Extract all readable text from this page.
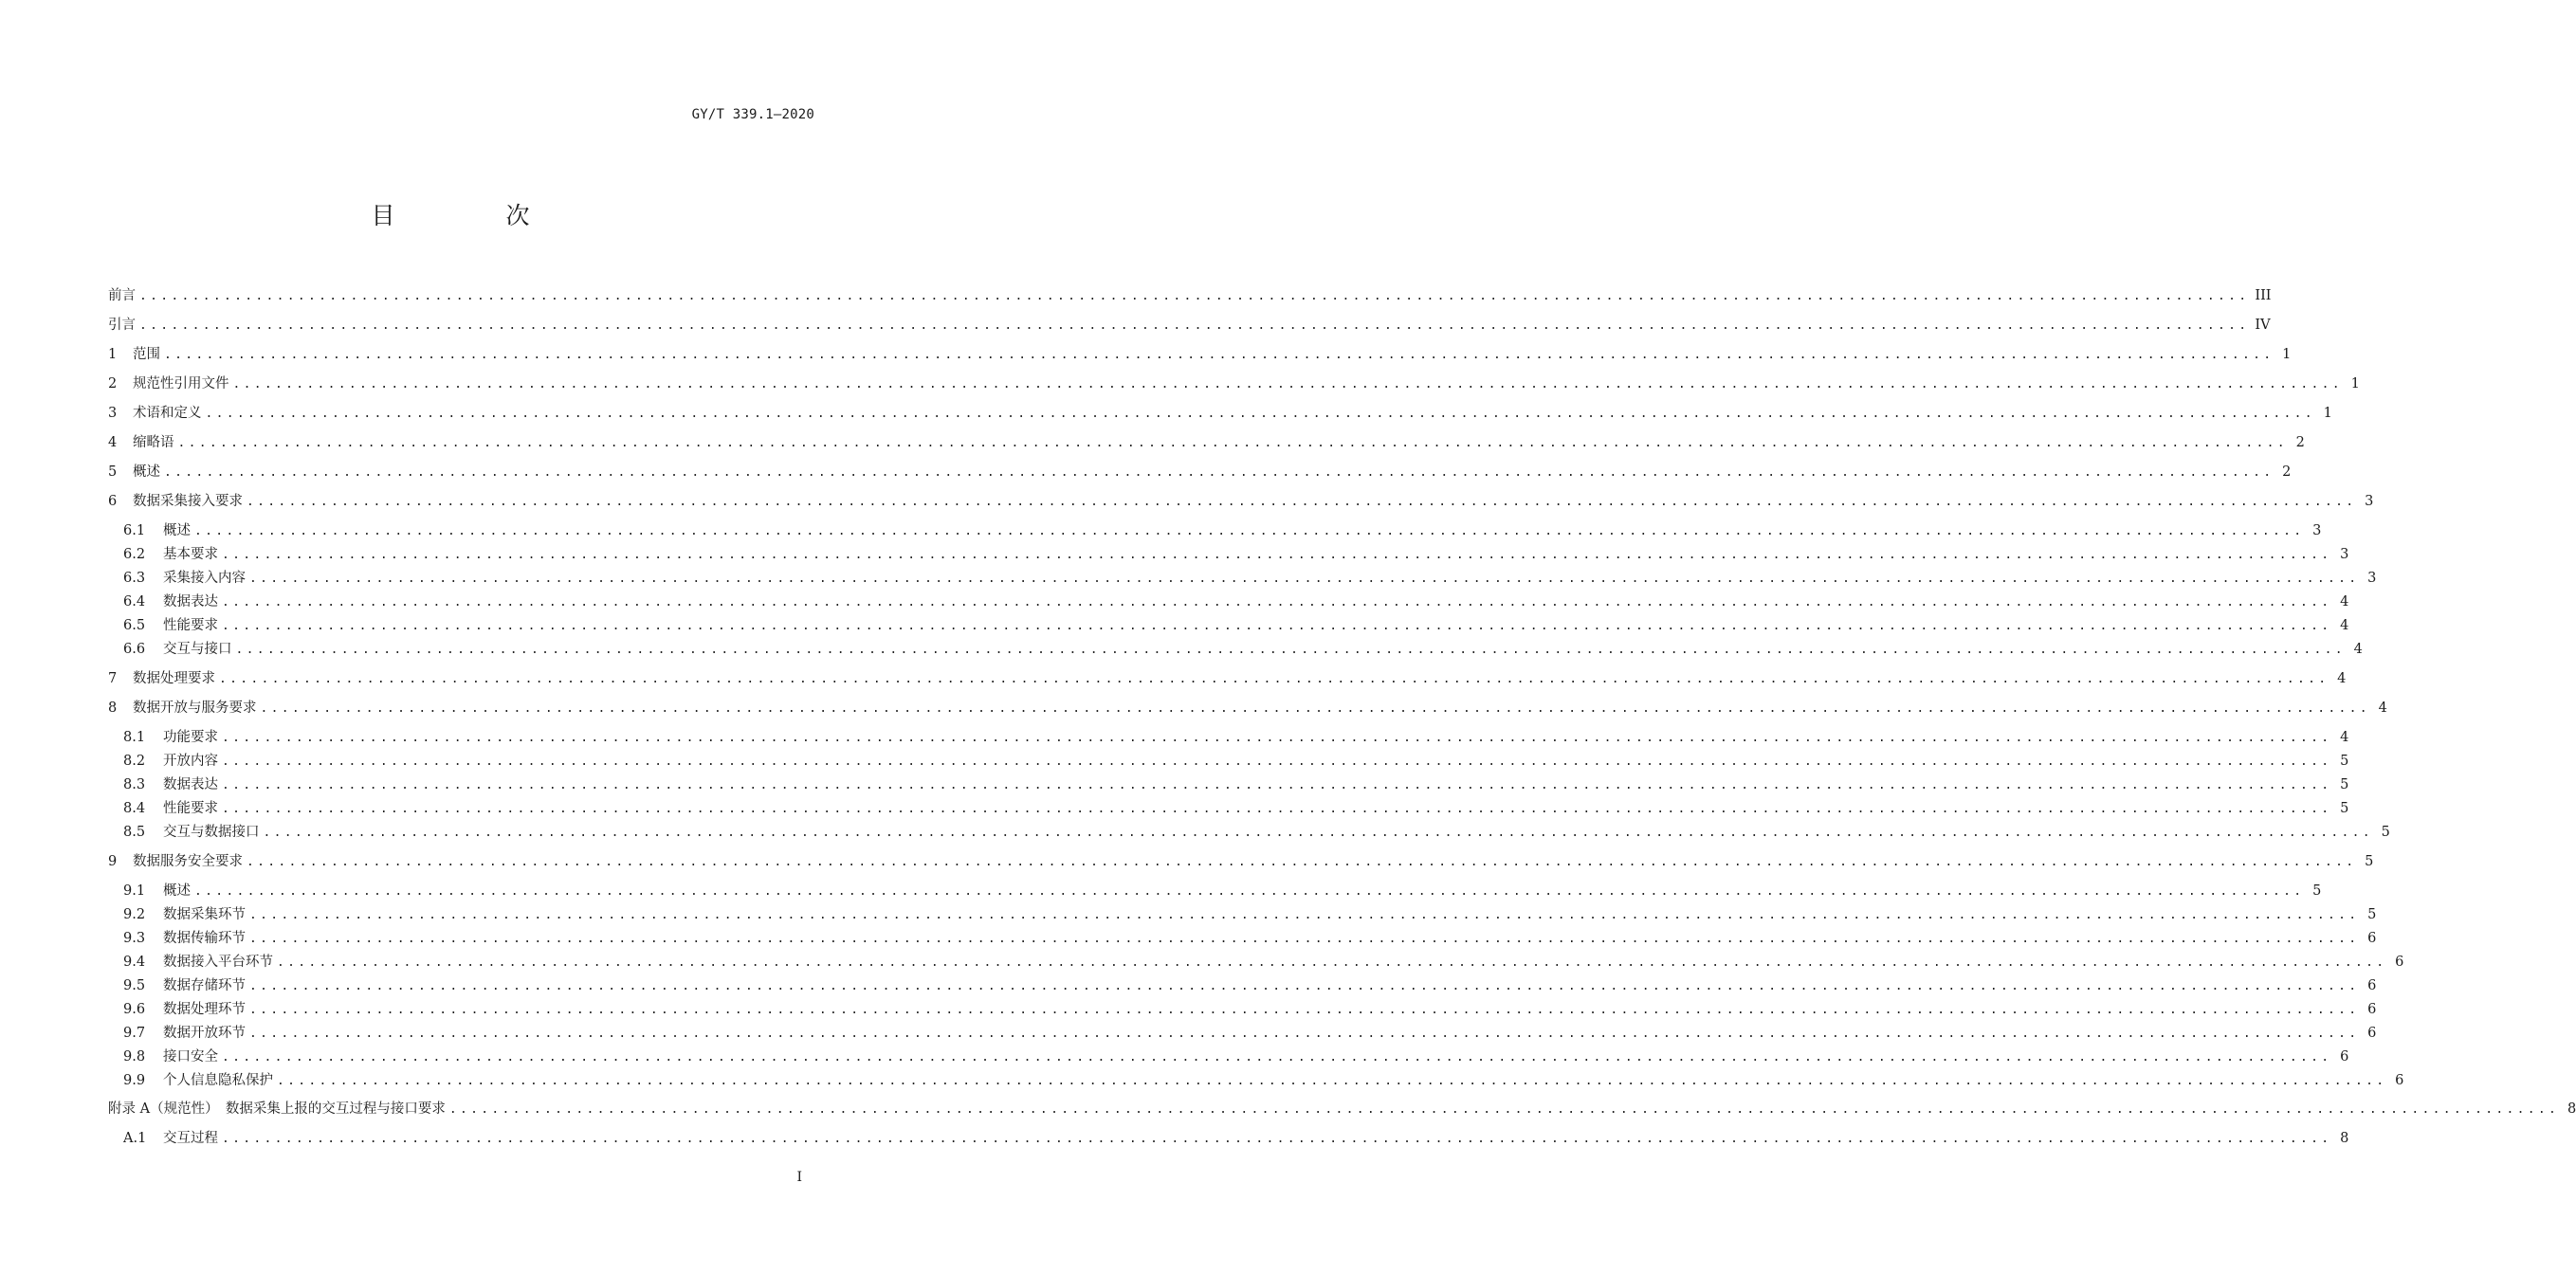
GY/T 339.1—2020
目　次
前言 ........................................................................................................................................................................................................ III
引言 ........................................................................................................................................................................................................ IV
1	范围 ........................................................................................................................................................................................................ 1
2	规范性引用文件 ........................................................................................................................................................................................................ 1
3	术语和定义 ........................................................................................................................................................................................................ 1
4	缩略语 ........................................................................................................................................................................................................ 2
5	概述 ........................................................................................................................................................................................................ 2
6	数据采集接入要求 ........................................................................................................................................................................................................ 3
6.1	概述 ........................................................................................................................................................................................................ 3
6.2	基本要求 ........................................................................................................................................................................................................ 3
6.3	采集接入内容 ........................................................................................................................................................................................................ 3
6.4	数据表达 ........................................................................................................................................................................................................ 4
6.5	性能要求 ........................................................................................................................................................................................................ 4
6.6	交互与接口 ........................................................................................................................................................................................................ 4
7	数据处理要求 ........................................................................................................................................................................................................ 4
8	数据开放与服务要求 ........................................................................................................................................................................................................ 4
8.1	功能要求 ........................................................................................................................................................................................................ 4
8.2	开放内容 ........................................................................................................................................................................................................ 5
8.3	数据表达 ........................................................................................................................................................................................................ 5
8.4	性能要求 ........................................................................................................................................................................................................ 5
8.5	交互与数据接口 ........................................................................................................................................................................................................ 5
9	数据服务安全要求 ........................................................................................................................................................................................................ 5
9.1	概述 ........................................................................................................................................................................................................ 5
9.2	数据采集环节 ........................................................................................................................................................................................................ 5
9.3	数据传输环节 ........................................................................................................................................................................................................ 6
9.4	数据接入平台环节 ........................................................................................................................................................................................................ 6
9.5	数据存储环节 ........................................................................................................................................................................................................ 6
9.6	数据处理环节 ........................................................................................................................................................................................................ 6
9.7	数据开放环节 ........................................................................................................................................................................................................ 6
9.8	接口安全 ........................................................................................................................................................................................................ 6
9.9	个人信息隐私保护 ........................................................................................................................................................................................................ 6
附录 A（规范性）　数据采集上报的交互过程与接口要求 ........................................................................................................................................................................................................ 8
A.1	交互过程 ........................................................................................................................................................................................................ 8
I
